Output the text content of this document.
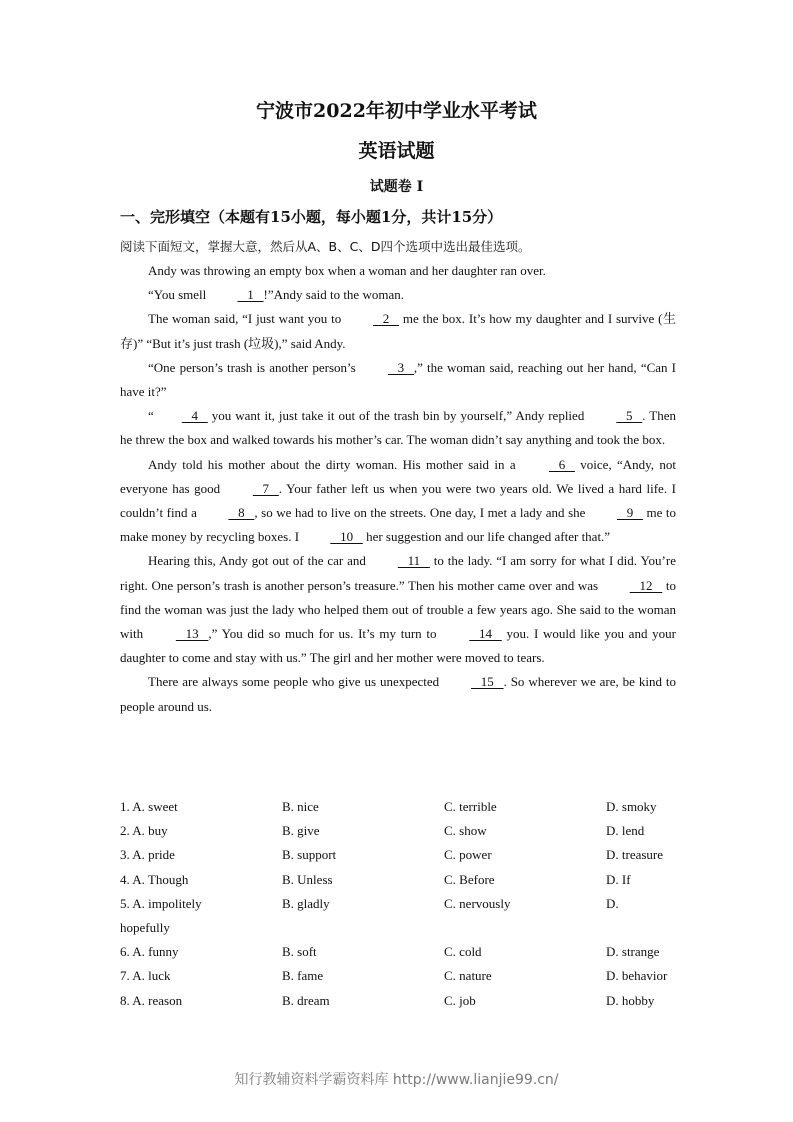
宁波市2022年初中学业水平考试
英语试题
试题卷 I
一、完形填空（本题有15小题，每小题1分，共计15分）
阅读下面短文，掌握大意，然后从A、B、C、D四个选项中选出最佳选项。

Andy was throwing an empty box when a woman and her daughter ran over.

“You smell    1   !”Andy said to the woman.

The woman said, “I just want you to    2    me the box. It’s how my daughter and I survive (生存)” “But it’s just trash (垃圾),” said Andy.

“One person’s trash is another person’s    3   ,” the woman said, reaching out her hand, “Can I have it?”

“   4    you want it, just take it out of the trash bin by yourself,” Andy replied    5   . Then he threw the box and walked towards his mother’s car. The woman didn’t say anything and took the box.

Andy told his mother about the dirty woman. His mother said in a    6    voice, “Andy, not everyone has good    7   . Your father left us when you were two years old. We lived a hard life. I couldn’t find a    8   , so we had to live on the streets. One day, I met a lady and she    9    me to make money by recycling boxes. I    10    her suggestion and our life changed after that.”

Hearing this, Andy got out of the car and    11    to the lady. “I am sorry for what I did. You’re right. One person’s trash is another person’s treasure.” Then his mother came over and was    12    to find the woman was just the lady who helped them out of trouble a few years ago. She said to the woman with    13   ,” You did so much for us. It’s my turn to    14    you. I would like you and your daughter to come and stay with us.” The girl and her mother were moved to tears.

There are always some people who give us unexpected    15   . So wherever we are, be kind to people around us.

1. A. sweet	B. nice	C. terrible	D. smoky
2. A. buy	B. give	C. show	D. lend
3. A. pride	B. support	C. power	D. treasure
4. A. Though	B. Unless	C. Before	D. If
5. A. impolitely	B. gladly	C. nervously	D.
hopefully
6. A. funny	B. soft	C. cold	D. strange
7. A. luck	B. fame	C. nature	D. behavior
8. A. reason	B. dream	C. job	D. hobby
知行教辅资料学霸资料库 http://www.lianjie99.cn/
